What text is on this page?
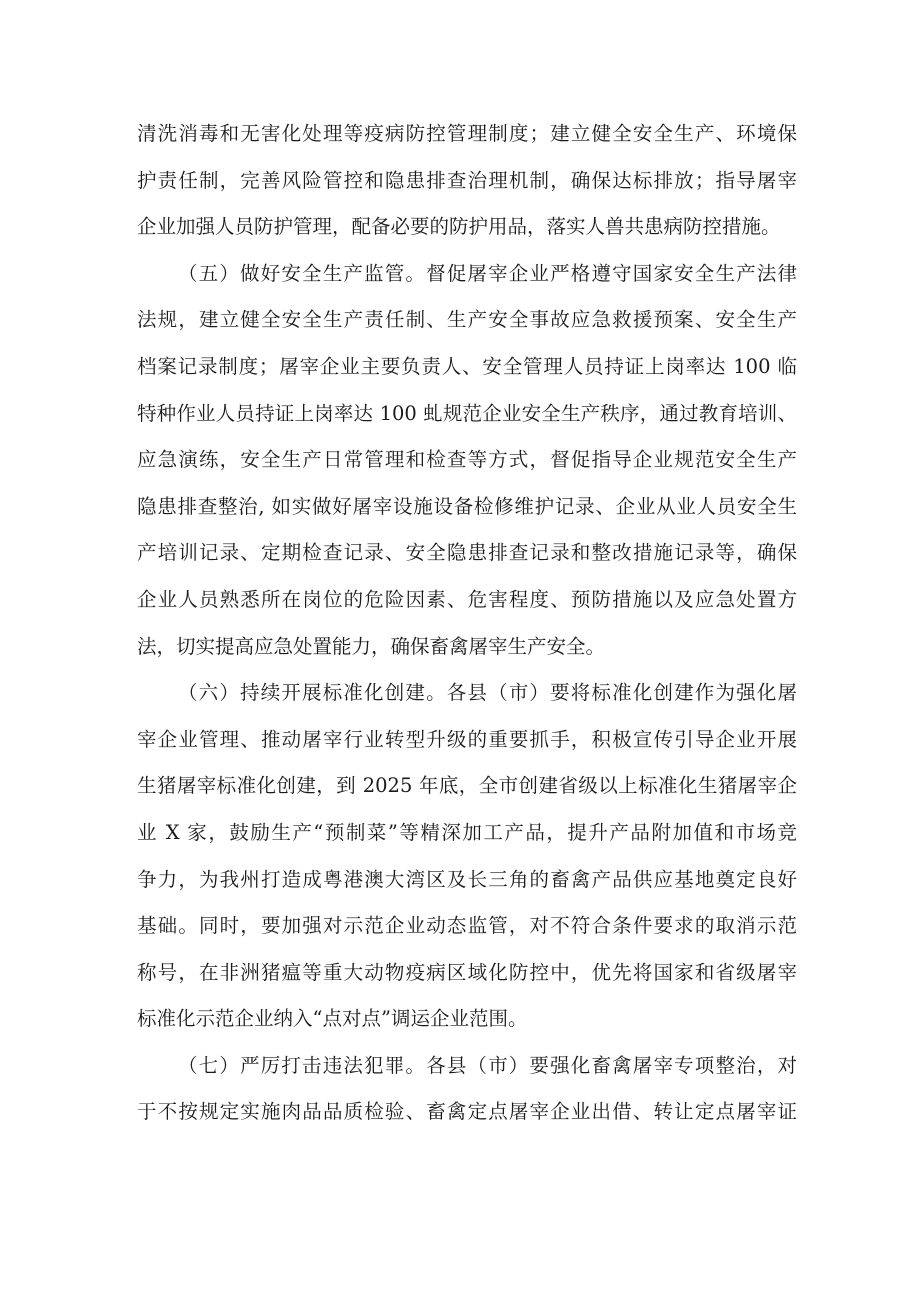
清洗消毒和无害化处理等疫病防控管理制度；建立健全安全生产、环境保
护责任制，完善风险管控和隐患排查治理机制，确保达标排放；指导屠宰
企业加强人员防护管理，配备必要的防护用品，落实人兽共患病防控措施。
（五）做好安全生产监管。督促屠宰企业严格遵守国家安全生产法律
法规，建立健全安全生产责任制、生产安全事故应急救援预案、安全生产
档案记录制度；屠宰企业主要负责人、安全管理人员持证上岗率达 100 临
特种作业人员持证上岗率达 100 虬规范企业安全生产秩序，通过教育培训、
应急演练，安全生产日常管理和检查等方式，督促指导企业规范安全生产
隐患排查整治, 如实做好屠宰设施设备检修维护记录、企业从业人员安全生
产培训记录、定期检查记录、安全隐患排查记录和整改措施记录等，确保
企业人员熟悉所在岗位的危险因素、危害程度、预防措施以及应急处置方
法，切实提高应急处置能力，确保畜禽屠宰生产安全。
（六）持续开展标准化创建。各县（市）要将标准化创建作为强化屠
宰企业管理、推动屠宰行业转型升级的重要抓手，积极宣传引导企业开展
生猪屠宰标准化创建，到 2025 年底，全市创建省级以上标准化生猪屠宰企
业 X 家，鼓励生产“预制菜”等精深加工产品，提升产品附加值和市场竞
争力，为我州打造成粤港澳大湾区及长三角的畜禽产品供应基地奠定良好
基础。同时，要加强对示范企业动态监管，对不符合条件要求的取消示范
称号，在非洲猪瘟等重大动物疫病区域化防控中，优先将国家和省级屠宰
标准化示范企业纳入“点对点”调运企业范围。
（七）严厉打击违法犯罪。各县（市）要强化畜禽屠宰专项整治，对
于不按规定实施肉品品质检验、畜禽定点屠宰企业出借、转让定点屠宰证
